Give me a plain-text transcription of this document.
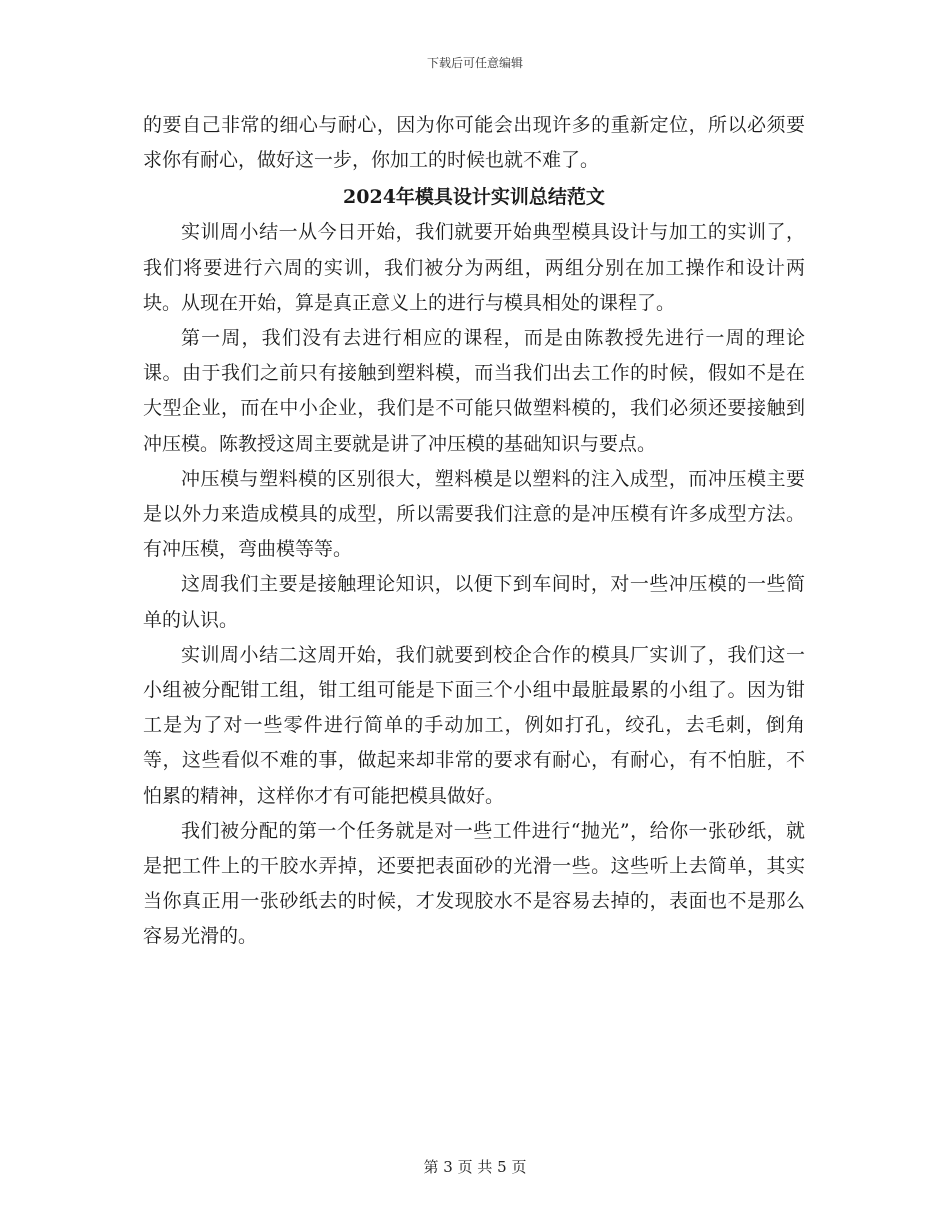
下载后可任意编辑

的要自己非常的细心与耐心，因为你可能会出现许多的重新定位，所以必须要求你有耐心，做好这一步，你加工的时候也就不难了。

2024年模具设计实训总结范文

实训周小结一从今日开始，我们就要开始典型模具设计与加工的实训了，我们将要进行六周的实训，我们被分为两组，两组分别在加工操作和设计两块。从现在开始，算是真正意义上的进行与模具相处的课程了。

第一周，我们没有去进行相应的课程，而是由陈教授先进行一周的理论课。由于我们之前只有接触到塑料模，而当我们出去工作的时候，假如不是在大型企业，而在中小企业，我们是不可能只做塑料模的，我们必须还要接触到冲压模。陈教授这周主要就是讲了冲压模的基础知识与要点。

冲压模与塑料模的区别很大，塑料模是以塑料的注入成型，而冲压模主要是以外力来造成模具的成型，所以需要我们注意的是冲压模有许多成型方法。有冲压模，弯曲模等等。

这周我们主要是接触理论知识，以便下到车间时，对一些冲压模的一些简单的认识。

实训周小结二这周开始，我们就要到校企合作的模具厂实训了，我们这一小组被分配钳工组，钳工组可能是下面三个小组中最脏最累的小组了。因为钳工是为了对一些零件进行简单的手动加工，例如打孔，绞孔，去毛刺，倒角等，这些看似不难的事，做起来却非常的要求有耐心，有耐心，有不怕脏，不怕累的精神，这样你才有可能把模具做好。

我们被分配的第一个任务就是对一些工件进行“抛光”，给你一张砂纸，就是把工件上的干胶水弄掉，还要把表面砂的光滑一些。这些听上去简单，其实当你真正用一张砂纸去的时候，才发现胶水不是容易去掉的，表面也不是那么容易光滑的。

第 3 页 共 5 页
